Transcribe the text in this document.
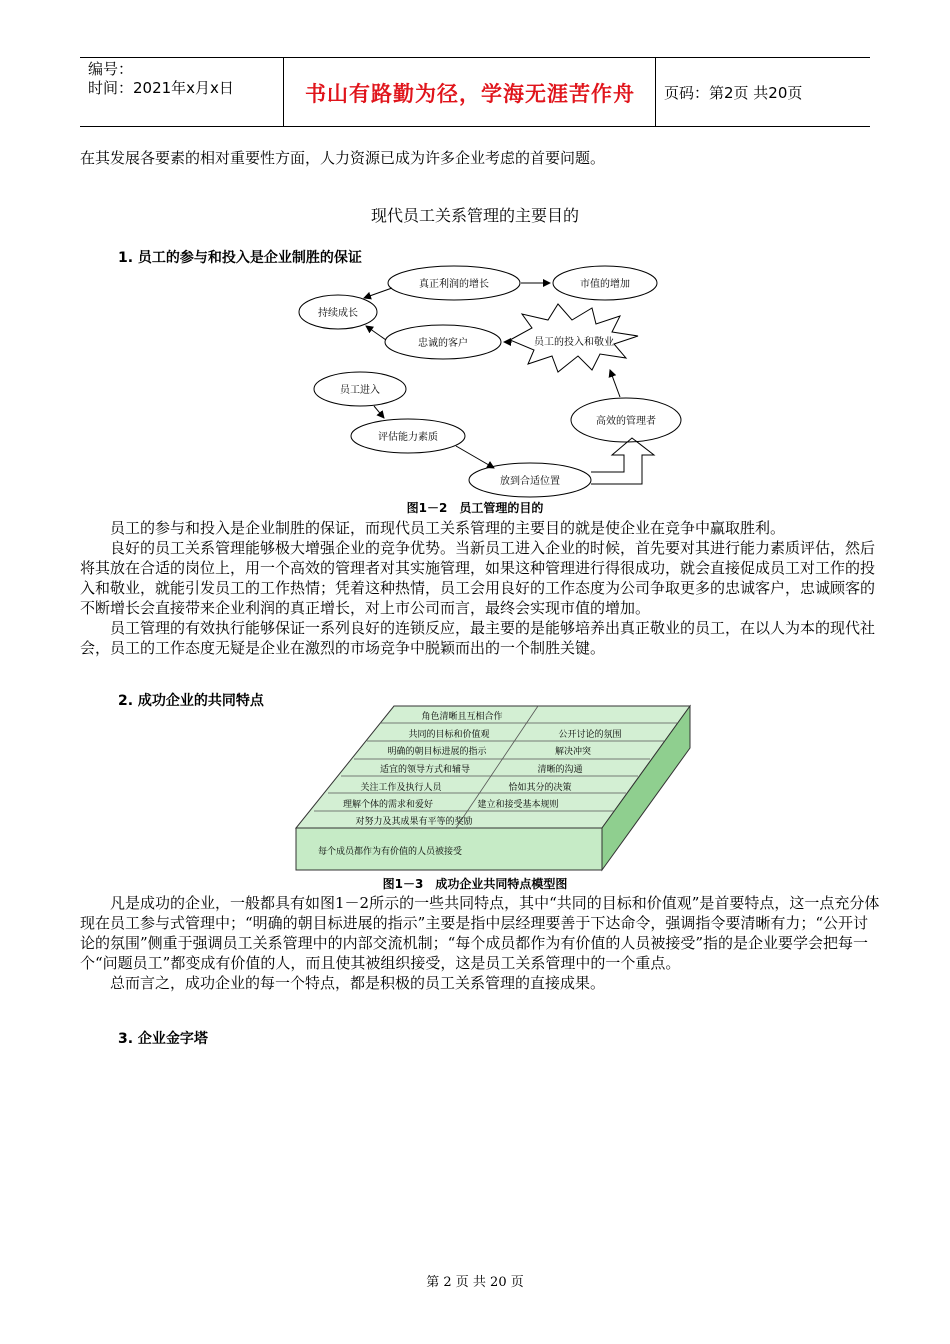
编号：
时间：2021年x月x日	书山有路勤为径，学海无涯苦作舟	页码：第2页 共20页
在其发展各要素的相对重要性方面，人力资源已成为许多企业考虑的首要问题。
现代员工关系管理的主要目的
1. 员工的参与和投入是企业制胜的保证
持续成长
真正利润的增长	市值的增加
忠诚的客户	员工的投入和敬业
员工进入
评估能力素质
放到合适位置
高效的管理者
图1－2　员工管理的目的

员工的参与和投入是企业制胜的保证，而现代员工关系管理的主要目的就是使企业在竞争中赢取胜利。

良好的员工关系管理能够极大增强企业的竞争优势。当新员工进入企业的时候，首先要对其进行能力素质评估，然后将其放在合适的岗位上，用一个高效的管理者对其实施管理，如果这种管理进行得很成功，就会直接促成员工对工作的投入和敬业，就能引发员工的工作热情；凭着这种热情，员工会用良好的工作态度为公司争取更多的忠诚客户，忠诚顾客的不断增长会直接带来企业利润的真正增长，对上市公司而言，最终会实现市值的增加。

员工管理的有效执行能够保证一系列良好的连锁反应，最主要的是能够培养出真正敬业的员工，在以人为本的现代社会，员工的工作态度无疑是企业在激烈的市场竞争中脱颖而出的一个制胜关键。

2. 成功企业的共同特点
角色清晰且互相合作
共同的目标和价值观
明确的朝目标进展的指示
适宜的领导方式和辅导
关注工作及执行人员
理解个体的需求和爱好
对努力及其成果有平等的奖励
公开讨论的氛围
解决冲突
清晰的沟通
恰如其分的决策
建立和接受基本规则
每个成员都作为有价值的人员被接受
图1－3　成功企业共同特点模型图

凡是成功的企业，一般都具有如图1－2所示的一些共同特点，其中“共同的目标和价值观”是首要特点，这一点充分体现在员工参与式管理中；“明确的朝目标进展的指示”主要是指中层经理要善于下达命令，强调指令要清晰有力；“公开讨论的氛围”侧重于强调员工关系管理中的内部交流机制；“每个成员都作为有价值的人员被接受”指的是企业要学会把每一个“问题员工”都变成有价值的人，而且使其被组织接受，这是员工关系管理中的一个重点。

总而言之，成功企业的每一个特点，都是积极的员工关系管理的直接成果。

3. 企业金字塔
第 2 页 共 20 页
